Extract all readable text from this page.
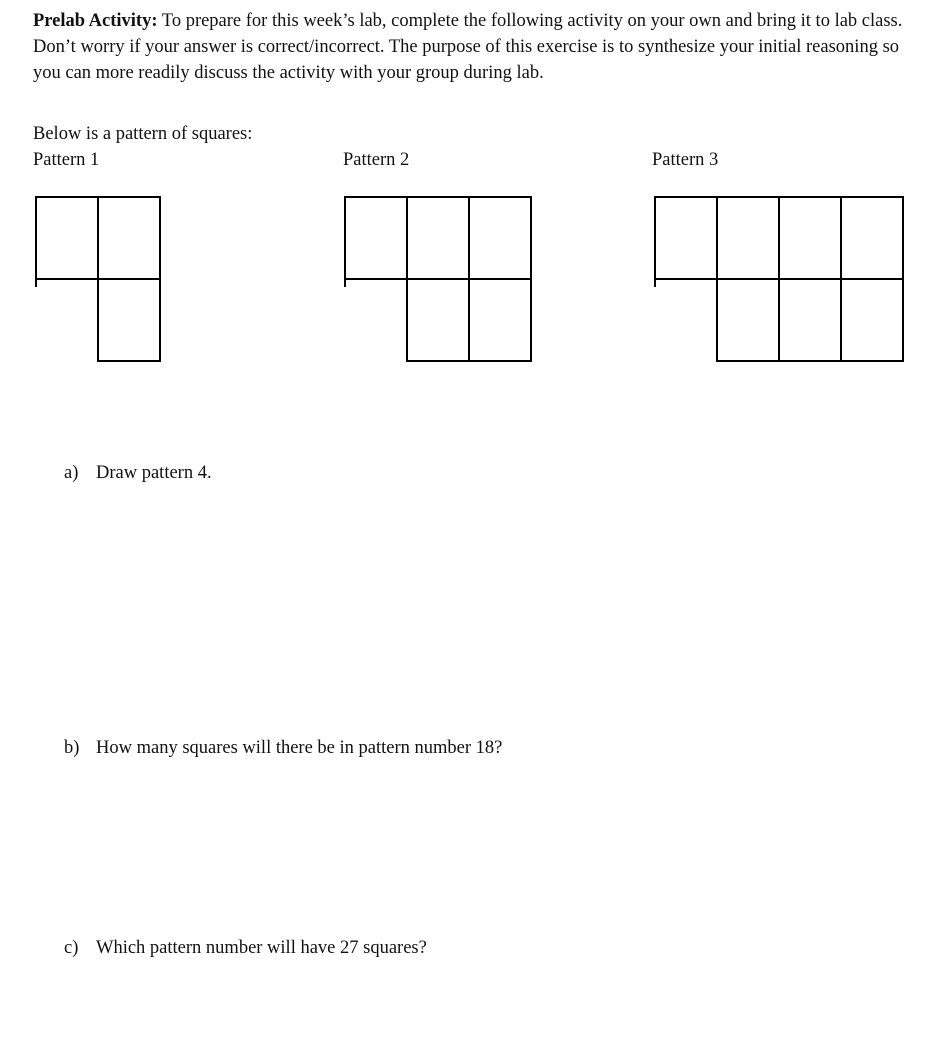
Prelab Activity: To prepare for this week’s lab, complete the following activity on your own and bring it to lab class. Don’t worry if your answer is correct/incorrect. The purpose of this exercise is to synthesize your initial reasoning so you can more readily discuss the activity with your group during lab.
Below is a pattern of squares:
Pattern 1	Pattern 2	Pattern 3
a) Draw pattern 4.
b) How many squares will there be in pattern number 18?
c) Which pattern number will have 27 squares?
